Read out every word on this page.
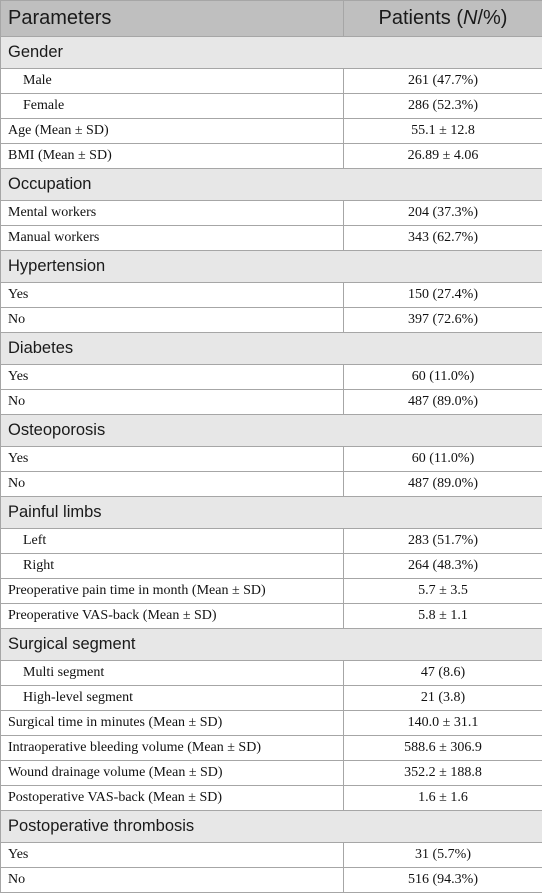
Parameters	Patients (N/%)
Gender	
Male	261 (47.7%)
Female	286 (52.3%)
Age (Mean ± SD)	55.1 ± 12.8
BMI (Mean ± SD)	26.89 ± 4.06
Occupation	
Mental workers	204 (37.3%)
Manual workers	343 (62.7%)
Hypertension	
Yes	150 (27.4%)
No	397 (72.6%)
Diabetes	
Yes	60 (11.0%)
No	487 (89.0%)
Osteoporosis	
Yes	60 (11.0%)
No	487 (89.0%)
Painful limbs	
Left	283 (51.7%)
Right	264 (48.3%)
Preoperative pain time in month (Mean ± SD)	5.7 ± 3.5
Preoperative VAS-back (Mean ± SD)	5.8 ± 1.1
Surgical segment	
Multi segment	47 (8.6)
High-level segment	21 (3.8)
Surgical time in minutes (Mean ± SD)	140.0 ± 31.1
Intraoperative bleeding volume (Mean ± SD)	588.6 ± 306.9
Wound drainage volume (Mean ± SD)	352.2 ± 188.8
Postoperative VAS-back (Mean ± SD)	1.6 ± 1.6
Postoperative thrombosis	
Yes	31 (5.7%)
No	516 (94.3%)
